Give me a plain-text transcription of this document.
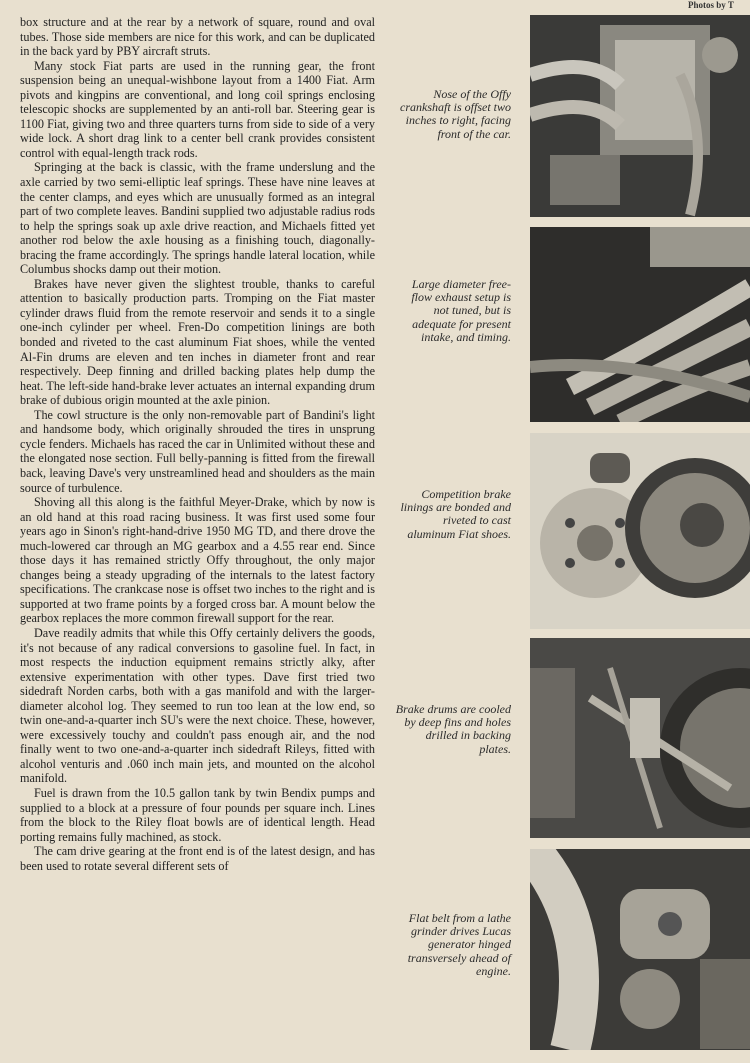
Photos by T

box structure and at the rear by a network of square, round and oval tubes. Those side members are nice for this work, and can be duplicated in the back yard by PBY aircraft struts.

Many stock Fiat parts are used in the running gear, the front suspension being an unequal-wishbone layout from a 1400 Fiat. Arm pivots and kingpins are conventional, and long coil springs enclosing telescopic shocks are supplemented by an anti-roll bar. Steering gear is 1100 Fiat, giving two and three quarters turns from side to side of a very wide lock. A short drag link to a center bell crank provides consistent control with equal-length track rods.

Springing at the back is classic, with the frame underslung and the axle carried by two semi-elliptic leaf springs. These have nine leaves at the center clamps, and eyes which are unusually formed as an integral part of two complete leaves. Bandini supplied two adjustable radius rods to help the springs soak up axle drive reaction, and Michaels fitted yet another rod below the axle housing as a finishing touch, diagonally-bracing the frame accordingly. The springs handle lateral location, while Columbus shocks damp out their motion.

Brakes have never given the slightest trouble, thanks to careful attention to basically production parts. Tromping on the Fiat master cylinder draws fluid from the remote reservoir and sends it to a single one-inch cylinder per wheel. Fren-Do competition linings are both bonded and riveted to the cast aluminum Fiat shoes, while the vented Al-Fin drums are eleven and ten inches in diameter front and rear respectively. Deep finning and drilled backing plates help dump the heat. The left-side hand-brake lever actuates an internal expanding drum brake of dubious origin mounted at the axle pinion.

The cowl structure is the only non-removable part of Bandini's light and handsome body, which originally shrouded the tires in unsprung cycle fenders. Michaels has raced the car in Unlimited without these and the elongated nose section. Full belly-panning is fitted from the firewall back, leaving Dave's very unstreamlined head and shoulders as the main source of turbulence.

Shoving all this along is the faithful Meyer-Drake, which by now is an old hand at this road racing business. It was first used some four years ago in Sinon's right-hand-drive 1950 MG TD, and there drove the much-lowered car through an MG gearbox and a 4.55 rear end. Since those days it has remained strictly Offy throughout, the only major changes being a steady upgrading of the internals to the latest factory specifications. The crankcase nose is offset two inches to the right and is supported at two frame points by a forged cross bar. A mount below the gearbox replaces the more common firewall support for the rear.

Dave readily admits that while this Offy certainly delivers the goods, it's not because of any radical conversions to gasoline fuel. In fact, in most respects the induction equipment remains strictly alky, after extensive experimentation with other types. Dave first tried two sidedraft Norden carbs, both with a gas manifold and with the larger-diameter alcohol log. They seemed to run too lean at the low end, so twin one-and-a-quarter inch SU's were the next choice. These, however, were excessively touchy and couldn't pass enough air, and the nod finally went to two one-and-a-quarter inch sidedraft Rileys, fitted with alcohol venturis and .060 inch main jets, and mounted on the alcohol manifold.

Fuel is drawn from the 10.5 gallon tank by twin Bendix pumps and supplied to a block at a pressure of four pounds per square inch. Lines from the block to the Riley float bowls are of identical length. Head porting remains fully machined, as stock.

The cam drive gearing at the front end is of the latest design, and has been used to rotate several different sets of

Nose of the Offy crankshaft is offset two inches to right, facing front of the car.
Large diameter free-flow exhaust setup is not tuned, but is adequate for present intake, and timing.
Competition brake linings are bonded and riveted to cast aluminum Fiat shoes.
Brake drums are cooled by deep fins and holes drilled in backing plates.
Flat belt from a lathe grinder drives Lucas generator hinged transversely ahead of engine.
